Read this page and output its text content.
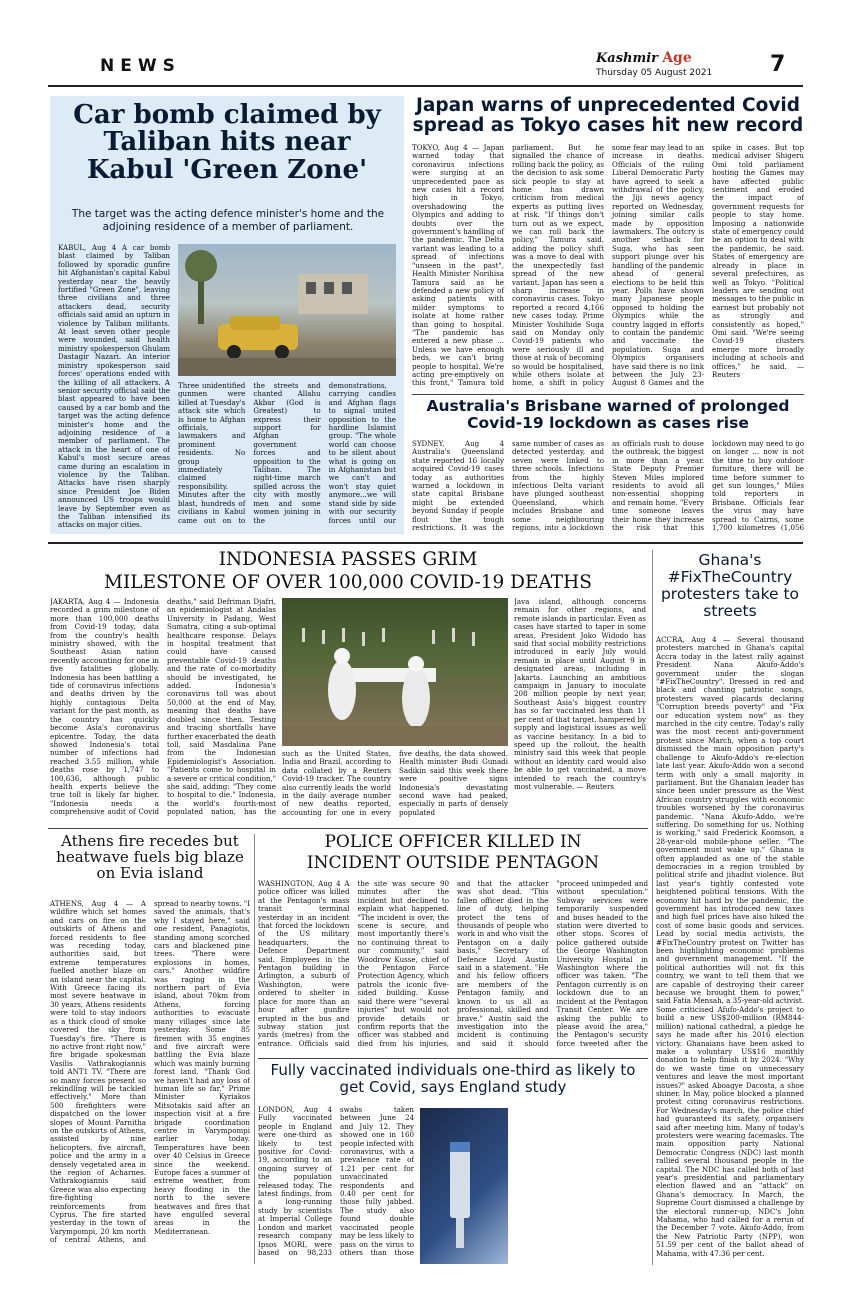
NEWS	Kashmir Age
Thursday 05 August 2021	7
Car bomb claimed by Taliban hits near Kabul 'Green Zone'
The target was the acting defence minister's home and the adjoining residence of a member of parliament.
KABUL, Aug 4 A car bomb blast claimed by Taliban followed by sporadic gunfire hit Afghanistan's capital Kabul yesterday near the heavily fortified "Green Zone", leaving three civilians and three attackers dead, security officials said amid an upturn in violence by Taliban militants. At least seven other people were wounded, said health ministry spokesperson Ghulam Dastagir Nazari. An interior ministry spokesperson said forces' operations ended with the killing of all attackers. A senior security official said the blast appeared to have been caused by a car bomb and the target was the acting defence minister's home and the adjoining residence of a member of parliament. The attack in the heart of one of Kabul's most secure areas came during an escalation in violence by the Taliban. Attacks have risen sharply since President Joe Biden announced US troops would leave by September even as the Taliban intensified its attacks on major cities.
Three unidentified gunmen were killed at Tuesday's attack site which is home to Afghan officials, lawmakers and prominent residents. No group immediately claimed responsibility. Minutes after the blast, hundreds of civilians in Kabul came out on to the streets and chanted Allahu Akbar (God is Greatest) to express their support for Afghan government forces and opposition to the Taliban. The night-time march spilled across the city with mostly men and some women joining in the demonstrations, carrying candles and Afghan flags to signal united opposition to the hardline Islamist group. "The whole world can choose to be silent about what is going on in Afghanistan but we can't and won't stay quiet anymore...we will stand side by side with our security forces until our
Japan warns of unprecedented Covid spread as Tokyo cases hit new record
TOKYO, Aug 4 — Japan warned today that coronavirus infections were surging at an unprecedented pace as new cases hit a record high in Tokyo, overshadowing the Olympics and adding to doubts over the government's handling of the pandemic. The Delta variant was leading to a spread of infections "unseen in the past", Health Minister Norihisa Tamura said as he defended a new policy of asking patients with milder symptoms to isolate at home rather than going to hospital. "The pandemic has entered a new phase ... Unless we have enough beds, we can't bring people to hospital. We're acting pre-emptively on this front," Tamura told parliament. But he signalled the chance of rolling back the policy, as the decision to ask some sick people to stay at home has drawn criticism from medical experts as putting lives at risk. "If things don't turn out as we expect, we can roll back the policy," Tamura said, adding the policy shift was a move to deal with the unexpectedly fast spread of the new variant. Japan has seen a sharp increase in coronavirus cases. Tokyo reported a record 4,166 new cases today. Prime Minister Yoshihide Suga said on Monday only Covid-19 patients who were seriously ill and those at risk of becoming so would be hospitalised, while others isolate at home, a shift in policy some fear may lead to an increase in deaths. Officials of the ruling Liberal Democratic Party have agreed to seek a withdrawal of the policy, the Jiji news agency reported on Wednesday, joining similar calls made by opposition lawmakers. The outcry is another setback for Suga, who has seen support plunge over his handling of the pandemic ahead of general elections to be held this year. Polls have shown many Japanese people opposed to holding the Olympics while the country lagged in efforts to contain the pandemic and vaccinate the population. Suga and Olympics organisers have said there is no link between the July 23-August 8 Games and the spike in cases. But top medical adviser Shigeru Omi told parliament hosting the Games may have affected public sentiment and eroded the impact of government requests for people to stay home. Imposing a nationwide state of emergency could be an option to deal with the pandemic, he said. States of emergency are already in place in several prefectures, as well as Tokyo. "Political leaders are sending out messages to the public in earnest but probably not as strongly and consistently as hoped," Omi said. "We're seeing Covid-19 clusters emerge more broadly including at schools and offices," he said. — Reuters
Australia's Brisbane warned of prolonged Covid-19 lockdown as cases rise
SYDNEY, Aug 4 Australia's Queensland state reported 16 locally acquired Covid-19 cases today as authorities warned a lockdown in state capital Brisbane might be extended beyond Sunday if people flout the tough restrictions. It was the same number of cases as detected yesterday, and seven were linked to three schools. Infections from the highly infectious Delta variant have plunged southeast Queensland, which includes Brisbane and some neighbouring regions, into a lockdown as officials rush to douse the outbreak, the biggest in more than a year. State Deputy Premier Steven Miles implored residents to avoid all non-essential shopping and remain home. "Every time someone leaves their home they increase the risk that this lockdown may need to go on longer ... now is not the time to buy outdoor furniture, there will be time before summer to get sun lounges," Miles told reporters in Brisbane. Officials fear the virus may have spread to Cairns, some 1,700 kilometres (1,056
INDONESIA PASSES GRIM
MILESTONE OF OVER 100,000 COVID-19 DEATHS
JAKARTA, Aug 4 — Indonesia recorded a grim milestone of more than 100,000 deaths from Covid-19 today, data from the country's health ministry showed, with the Southeast Asian nation recently accounting for one in five fatalities globally. Indonesia has been battling a tide of coronavirus infections and deaths driven by the highly contagious Delta variant for the past month, as the country has quickly become Asia's coronavirus epicentre. Today, the data showed Indonesia's total number of infections had reached 3.55 million, while deaths rose by 1,747 to 100,636, although public health experts believe the true toll is likely far higher. "Indonesia needs a comprehensive audit of Covid deaths," said Defriman Djafri, an epidemiologist at Andalas University in Padang, West Sumatra, citing a sub-optimal healthcare response. Delays in hospital treatment that could have caused preventable Covid-19 deaths and the rate of co-morbidity should be investigated, he added. Indonesia's coronavirus toll was about 50,000 at the end of May, meaning that deaths have doubled since then. Testing and tracing shortfalls have further exacerbated the death toll, said Masdalina Pane from the Indonesian Epidemiologist's Association. "Patients come to hospital in a severe or critical condition," she said, adding: "They come to hospital to die." Indonesia, the world's fourth-most populated nation, has the
such as the United States, India and Brazil, according to data collated by a Reuters Covid-19 tracker. The country also currently leads the world in the daily average number of new deaths reported, accounting for one in every five deaths, the data showed. Health minister Budi Gunadi Sadikin said this week there were positive signs Indonesia's devastating second wave had peaked, especially in parts of densely populated
Java island, although concerns remain for other regions, and remote islands in particular. Even as cases have started to taper in some areas, President Joko Widodo has said that social mobility restrictions introduced in early July would remain in place until August 9 in designated areas, including in Jakarta. Launching an ambitious campaign in January to inoculate 208 million people by next year, Southeast Asia's biggest country has so far vaccinated less than 11 per cent of that target, hampered by supply and logistical issues as well as vaccine hesitancy. In a bid to speed up the rollout, the health ministry said this week that people without an identity card would also be able to get vaccinated, a move intended to reach the country's most vulnerable. — Reuters
Ghana's #FixTheCountry protesters take to streets
ACCRA, Aug 4 — Several thousand protesters marched in Ghana's capital Accra today in the latest rally against President Nana Akufo-Addo's government under the slogan "#FixTheCountry". Dressed in red and black and chanting patriotic songs, protesters waved placards declaring "Corruption breeds poverty" and "Fix our education system now" as they marched in the city centre. Today's rally was the most recent anti-government protest since March, when a top court dismissed the main opposition party's challenge to Akufo-Addo's re-election late last year. Akufo-Addo won a second term with only a small majority in parliament. But the Ghanaian leader has since been under pressure as the West African country struggles with economic troubles worsened by the coronavirus pandemic. "Nana Akufo-Addo, we're suffering. Do something for us. Nothing is working," said Frederick Koomson, a 28-year-old mobile-phone seller. "The government must wake up." Ghana is often applauded as one of the stable democracies in a region troubled by political strife and jihadist violence. But last year's tightly contested vote heightened political tensions. With the economy hit hard by the pandemic, the government has introduced new taxes and high fuel prices have also hiked the cost of some basic goods and services. Lead by social media activists, the #FixTheCountry protest on Twitter has been highlighting economic problems and government management. "If the political authorities will not fix this country, we want to tell them that we are capable of destroying their career because we brought them to power," said Fatia Mensah, a 35-year-old activist. Some criticised Afufo-Addo's project to build a new US$200-million (RM844-million) national cathedral, a pledge he says he made after his 2016 election victory. Ghanaians have been asked to make a voluntary US$16 monthly donation to help finish it by 2024. "Why do we waste time on unnecessary ventures and leave the most important issues?" asked Aboagye Dacosta, a shoe shiner. In May, police blocked a planned protest citing coronavirus restrictions. For Wednesday's march, the police chief had guaranteed its safety, organisers said after meeting him. Many of today's protesters were wearing facemasks. The main opposition party National Democratic Congress (NDC) last month rallied several thousand people in the capital. The NDC has called both of last year's presidential and parliamentary election flawed and an "attack" on Ghana's democracy. In March, the Supreme Court dismissed a challenge by the electoral runner-up, NDC's John Mahama, who had called for a rerun of the December 7 vote. Akufo-Addo, from the New Patriotic Party (NPP), won 51.59 per cent of the ballot ahead of Mahama, with 47.36 per cent.
Athens fire recedes but heatwave fuels big blaze on Evia island
ATHENS, Aug 4 — A wildfire which set homes and cars on fire on the outskirts of Athens and forced residents to flee was receding today, authorities said, but extreme temperatures fuelled another blaze on an island near the capital. With Greece facing its most severe heatwave in 30 years, Athens residents were told to stay indoors as a thick cloud of smoke covered the sky from Tuesday's fire. "There is no active front right now," fire brigade spokesman Vasilis Vathrakogiannis told ANT1 TV. "There are so many forces present so rekindling will be tackled effectively." More than 500 firefighters were dispatched on the lower slopes of Mount Parnitha on the outskirts of Athens, assisted by nine helicopters, five aircraft, police and the army in a densely vegetated area in the region of Acharnes. Vathrakogiannis said Greece was also expecting fire-fighting reinforcements from Cyprus. The fire started yesterday in the town of Varympompi, 20 km north of central Athens, and spread to nearby towns. "I saved the animals, that's why I stayed here," said one resident, Panagiotis, standing among scorched cars and blackened pine trees. "There were explosions in homes, cars." Another wildfire was raging in the northern part of Evia island, about 70km from Athens, forcing authorities to evacuate many villages since late yesterday. Some 85 firemen with 35 engines and five aircraft were battling the Evia blaze which was mainly burning forest land. "Thank God we haven't had any loss of human life so far," Prime Minister Kyriakos Mitsotakis said after an inspection visit at a fire brigade coordination centre in Varympompi earlier today. Temperatures have been over 40 Celsius in Greece since the weekend. Europe faces a summer of extreme weather, from heavy flooding in the north to the severe heatwaves and fires that have engulfed several areas in the Mediterranean.
POLICE OFFICER KILLED IN
INCIDENT OUTSIDE PENTAGON
WASHINGTON, Aug 4 A police officer was killed at the Pentagon's mass transit terminal yesterday in an incident that forced the lockdown of the US military headquarters, the Defence Department said. Employees in the Pentagon building in Arlington, a suburb of Washington, were ordered to shelter in place for more than an hour after gunfire erupted in the bus and subway station just yards (metres) from the entrance. Officials said the site was secure 90 minutes after the incident but declined to explain what happened. "The incident is over, the scene is secure, and most importantly there's no continuing threat to our community," said Woodrow Kusse, chief of the Pentagon Force Protection Agency, which patrols the iconic five-sided building. Kusse said there were "several injuries" but would not provide details or confirm reports that the officer was stabbed and died from his injuries, and that the attacker was shot dead. "This fallen officer died in the line of duty, helping protect the tens of thousands of people who work in and who visit the Pentagon on a daily basis," Secretary of Defence Lloyd Austin said in a statement. "He and his fellow officers are members of the Pentagon family, and known to us all as professional, skilled and brave." Austin said the investigation into the incident is continuing and said it should "proceed unimpeded and without speculation." Subway services were temporarily suspended and buses headed to the station were diverted to other stops. Scores of police gathered outside the George Washington University Hospital in Washington where the officer was taken. "The Pentagon currently is on lockdown due to an incident at the Pentagon Transit Center. We are asking the public to please avoid the area," the Pentagon's security force tweeted after the
Fully vaccinated individuals one-third as likely to get Covid, says England study
LONDON, Aug 4 Fully vaccinated people in England were one-third as likely to test positive for Covid-19, according to an ongoing survey of the population released today. The latest findings, from a long-running study by scientists at Imperial College London and market research company Ipsos MORI, were based on 98,233 swabs taken between June 24 and July 12. They showed one in 160 people infected with coronavirus, with a prevalence rate of 1.21 per cent for unvaccinated respondents and 0.40 per cent for those fully jabbed. The study also found double vaccinated people may be less likely to pass on the virus to others than those
